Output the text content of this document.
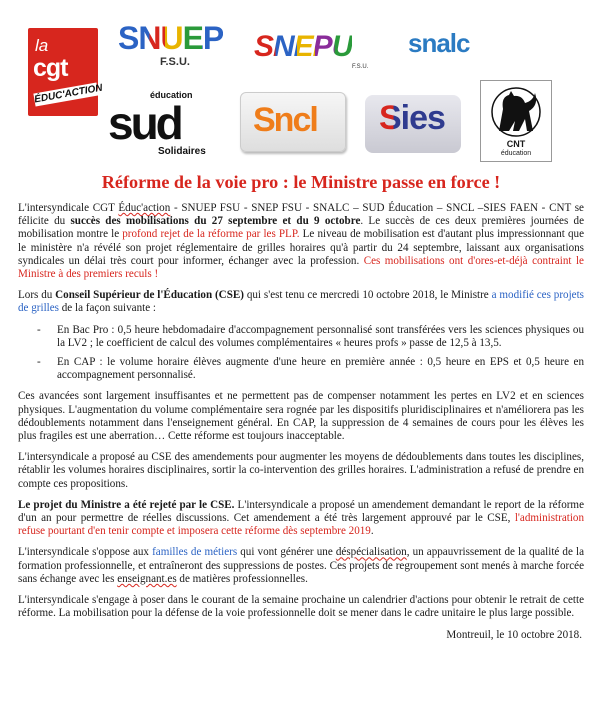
la
cgt
ÉDUC'ACTION
SNUEP
F.S.U.	SNEPU
F.S.U.
snalc
éducation
sud
Solidaires
Sncl Sies
CNT
éducation
Réforme de la voie pro : le Ministre passe en force !

L'intersyndicale CGT Éduc'action - SNUEP FSU - SNEP FSU - SNALC – SUD Éducation – SNCL –SIES FAEN - CNT se félicite du succès des mobilisations du 27 septembre et du 9 octobre. Le succès de ces deux premières journées de mobilisation montre le profond rejet de la réforme par les PLP. Le niveau de mobilisation est d'autant plus impressionnant que le ministère n'a révélé son projet réglementaire de grilles horaires qu'à partir du 24 septembre, laissant aux organisations syndicales un délai très court pour informer, échanger avec la profession. Ces mobilisations ont d'ores-et-déjà contraint le Ministre à des premiers reculs !

Lors du Conseil Supérieur de l'Éducation (CSE) qui s'est tenu ce mercredi 10 octobre 2018, le Ministre a modifié ces projets de grilles de la façon suivante :

- En Bac Pro : 0,5 heure hebdomadaire d'accompagnement personnalisé sont transférées vers les sciences physiques ou la LV2 ; le coefficient de calcul des volumes complémentaires « heures profs » passe de 12,5 à 13,5.
- En CAP : le volume horaire élèves augmente d'une heure en première année : 0,5 heure en EPS et 0,5 heure en accompagnement personnalisé.

Ces avancées sont largement insuffisantes et ne permettent pas de compenser notamment les pertes en LV2 et en sciences physiques. L'augmentation du volume complémentaire sera rognée par les dispositifs pluridisciplinaires et n'améliorera pas les dédoublements notamment dans l'enseignement général. En CAP, la suppression de 4 semaines de cours pour les élèves les plus fragiles est une aberration… Cette réforme est toujours inacceptable.

L'intersyndicale a proposé au CSE des amendements pour augmenter les moyens de dédoublements dans toutes les disciplines, rétablir les volumes horaires disciplinaires, sortir la co-intervention des grilles horaires. L'administration a refusé de prendre en compte ces propositions.

Le projet du Ministre a été rejeté par le CSE. L'intersyndicale a proposé un amendement demandant le report de la réforme d'un an pour permettre de réelles discussions. Cet amendement a été très largement approuvé par le CSE, l'administration refuse pourtant d'en tenir compte et imposera cette réforme dès septembre 2019.

L'intersyndicale s'oppose aux familles de métiers qui vont générer une déspécialisation, un appauvrissement de la qualité de la formation professionnelle, et entraîneront des suppressions de postes. Ces projets de regroupement sont menés à marche forcée sans échange avec les enseignant.es de matières professionnelles.

L'intersyndicale s'engage à poser dans le courant de la semaine prochaine un calendrier d'actions pour obtenir le retrait de cette réforme. La mobilisation pour la défense de la voie professionnelle doit se mener dans le cadre unitaire le plus large possible.

Montreuil, le 10 octobre 2018.
